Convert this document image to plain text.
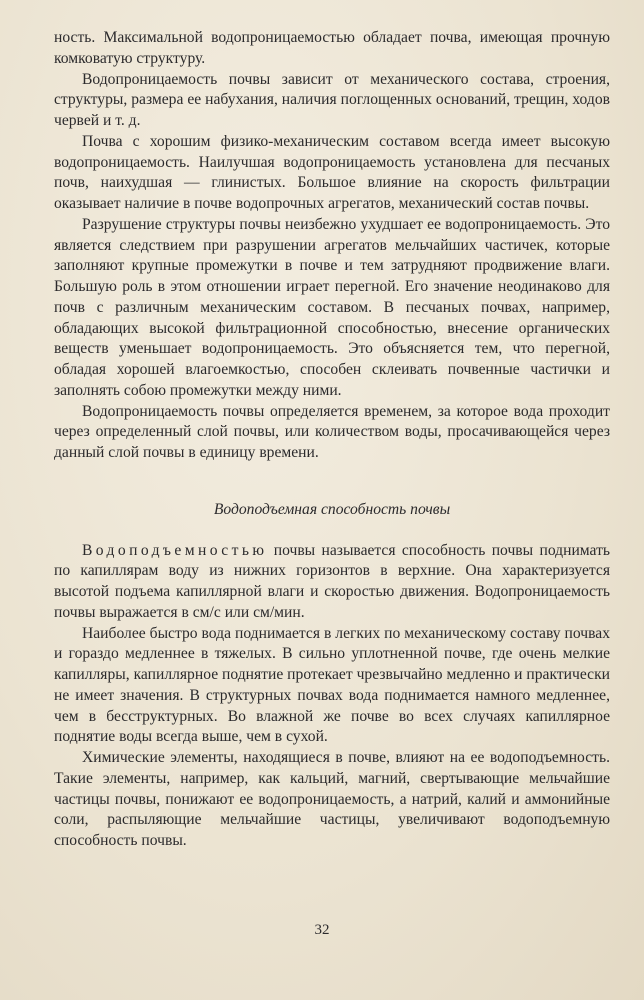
ность. Максимальной водопроницаемостью обладает почва, имеющая прочную комковатую структуру.

Водопроницаемость почвы зависит от механического состава, строения, структуры, размера ее набухания, наличия поглощенных оснований, трещин, ходов червей и т. д.

Почва с хорошим физико-механическим составом всегда имеет высокую водопроницаемость. Наилучшая водопроницаемость установлена для песчаных почв, наихудшая — глинистых. Большое влияние на скорость фильтрации оказывает наличие в почве водопрочных агрегатов, механический состав почвы.

Разрушение структуры почвы неизбежно ухудшает ее водопроницаемость. Это является следствием при разрушении агрегатов мельчайших частичек, которые заполняют крупные промежутки в почве и тем затрудняют продвижение влаги. Большую роль в этом отношении играет перегной. Его значение неодинаково для почв с различным механическим составом. В песчаных почвах, например, обладающих высокой фильтрационной способностью, внесение органических веществ уменьшает водопроницаемость. Это объясняется тем, что перегной, обладая хорошей влагоемкостью, способен склеивать почвенные частички и заполнять собою промежутки между ними.

Водопроницаемость почвы определяется временем, за которое вода проходит через определенный слой почвы, или количеством воды, просачивающейся через данный слой почвы в единицу времени.

Водоподъемная способность почвы

Водоподъемностью почвы называется способность почвы поднимать по капиллярам воду из нижних горизонтов в верхние. Она характеризуется высотой подъема капиллярной влаги и скоростью движения. Водопроницаемость почвы выражается в см/с или см/мин.

Наиболее быстро вода поднимается в легких по механическому составу почвах и гораздо медленнее в тяжелых. В сильно уплотненной почве, где очень мелкие капилляры, капиллярное поднятие протекает чрезвычайно медленно и практически не имеет значения. В структурных почвах вода поднимается намного медленнее, чем в бесструктурных. Во влажной же почве во всех случаях капиллярное поднятие воды всегда выше, чем в сухой.

Химические элементы, находящиеся в почве, влияют на ее водоподъемность. Такие элементы, например, как кальций, магний, свертывающие мельчайшие частицы почвы, понижают ее водопроницаемость, а натрий, калий и аммонийные соли, распыляющие мельчайшие частицы, увеличивают водоподъемную способность почвы.

32
